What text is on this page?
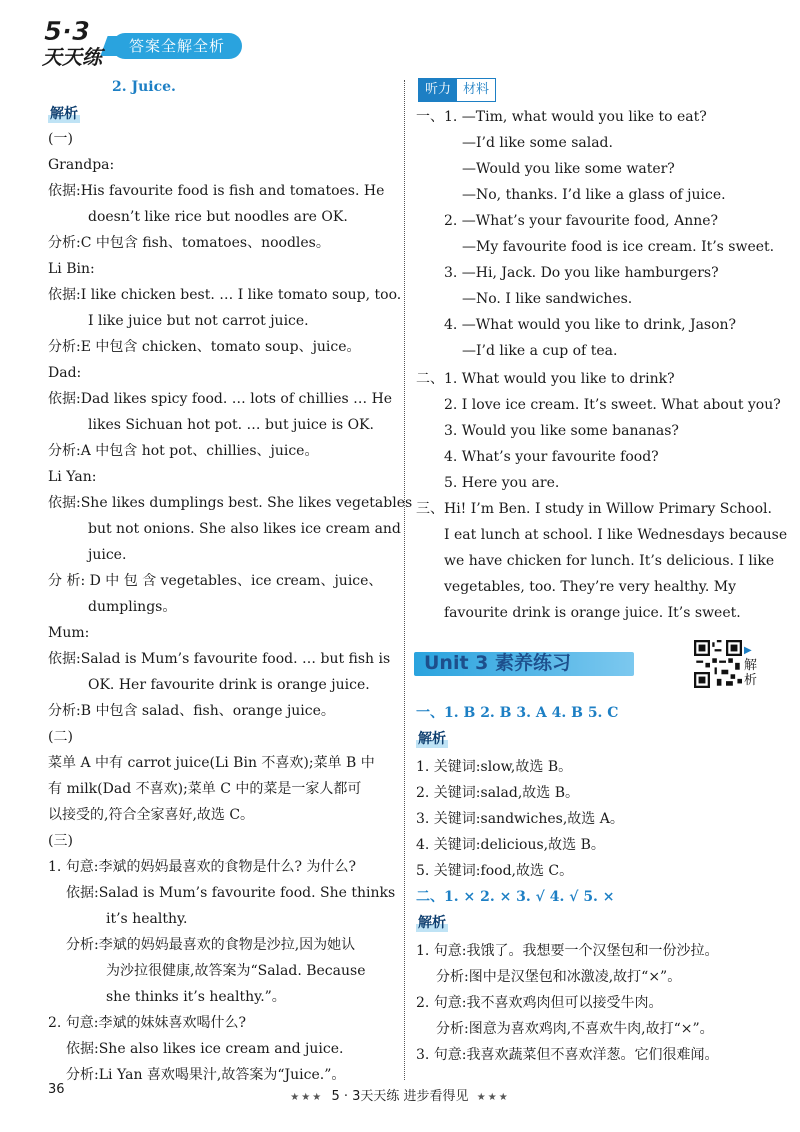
5·3
天天练	答案全解全析
2. Juice.
解析
(一)
Grandpa:
依据:His favourite food is fish and tomatoes. He
doesn’t like rice but noodles are OK.
分析:C 中包含 fish、tomatoes、noodles。
Li Bin:
依据:I like chicken best. … I like tomato soup, too.
I like juice but not carrot juice.
分析:E 中包含 chicken、tomato soup、juice。
Dad:
依据:Dad likes spicy food. … lots of chillies … He
likes Sichuan hot pot. … but juice is OK.
分析:A 中包含 hot pot、chillies、juice。
Li Yan:
依据:She likes dumplings best. She likes vegetables
but not onions. She also likes ice cream and
juice.
分 析: D 中 包 含 vegetables、ice cream、juice、
dumplings。
Mum:
依据:Salad is Mum’s favourite food. … but fish is
OK. Her favourite drink is orange juice.
分析:B 中包含 salad、fish、orange juice。
(二)
菜单 A 中有 carrot juice(Li Bin 不喜欢);菜单 B 中
有 milk(Dad 不喜欢);菜单 C 中的菜是一家人都可
以接受的,符合全家喜好,故选 C。
(三)
1. 句意:李斌的妈妈最喜欢的食物是什么? 为什么?
依据:Salad is Mum’s favourite food. She thinks
it’s healthy.
分析:李斌的妈妈最喜欢的食物是沙拉,因为她认
为沙拉很健康,故答案为“Salad. Because
she thinks it’s healthy.”。
2. 句意:李斌的妹妹喜欢喝什么?
依据:She also likes ice cream and juice.
分析:Li Yan 喜欢喝果汁,故答案为“Juice.”。
听力 材料
一、1. —Tim, what would you like to eat?
—I’d like some salad.
—Would you like some water?
—No, thanks. I’d like a glass of juice.
2. —What’s your favourite food, Anne?
—My favourite food is ice cream. It’s sweet.
3. —Hi, Jack. Do you like hamburgers?
—No. I like sandwiches.
4. —What would you like to drink, Jason?
—I’d like a cup of tea.
二、1. What would you like to drink?
2. I love ice cream. It’s sweet. What about you?
3. Would you like some bananas?
4. What’s your favourite food?
5. Here you are.
三、Hi! I’m Ben. I study in Willow Primary School.
I eat lunch at school. I like Wednesdays because
we have chicken for lunch. It’s delicious. I like
vegetables, too. They’re very healthy. My
favourite drink is orange juice. It’s sweet.
一、1. B 2. B 3. A 4. B 5. C
解析
1. 关键词:slow,故选 B。
2. 关键词:salad,故选 B。
3. 关键词:sandwiches,故选 A。
4. 关键词:delicious,故选 B。
5. 关键词:food,故选 C。
二、1. × 2. × 3. √ 4. √ 5. ×
解析
1. 句意:我饿了。我想要一个汉堡包和一份沙拉。
分析:图中是汉堡包和冰激凌,故打“×”。
2. 句意:我不喜欢鸡肉但可以接受牛肉。
分析:图意为喜欢鸡肉,不喜欢牛肉,故打“×”。
3. 句意:我喜欢蔬菜但不喜欢洋葱。它们很难闻。
Unit 3 素养练习
▶
解析
36
★★★ 5 · 3天天练 进步看得见 ★★★
